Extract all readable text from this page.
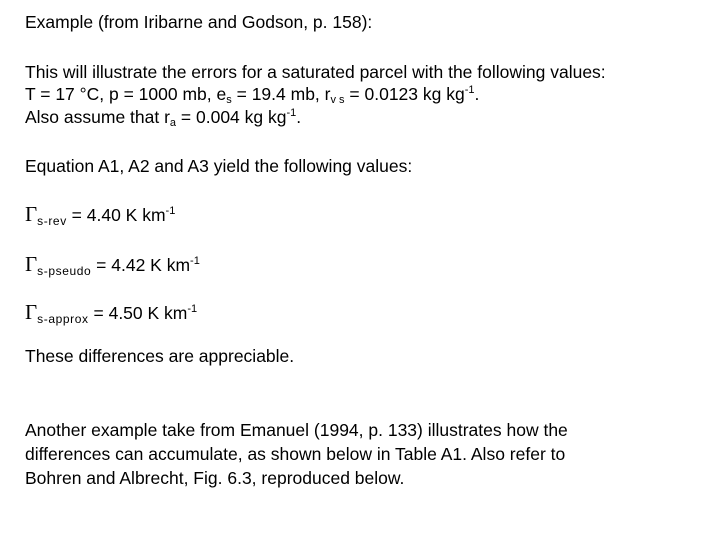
Example (from Iribarne and Godson, p. 158):
This will illustrate the errors for a saturated parcel with the following values:
T = 17 °C, p = 1000 mb, $e_s = 19.4$ mb, $r_{v s} = 0.0123$ kg $kg^{-1}$.
Also assume that $r_a = 0.004$ kg $kg^{-1}$.
Equation A1, A2 and A3 yield the following values:
$\Gamma_{s-rev} = 4.40$ K $km^{-1}$
$\Gamma_{s-pseudo} = 4.42$ K $km^{-1}$
$\Gamma_{s-approx} = 4.50$ K $km^{-1}$
These differences are appreciable.
Another example take from Emanuel (1994, p. 133) illustrates how the
differences can accumulate, as shown below in Table A1. Also refer to
Bohren and Albrecht, Fig. 6.3, reproduced below.
